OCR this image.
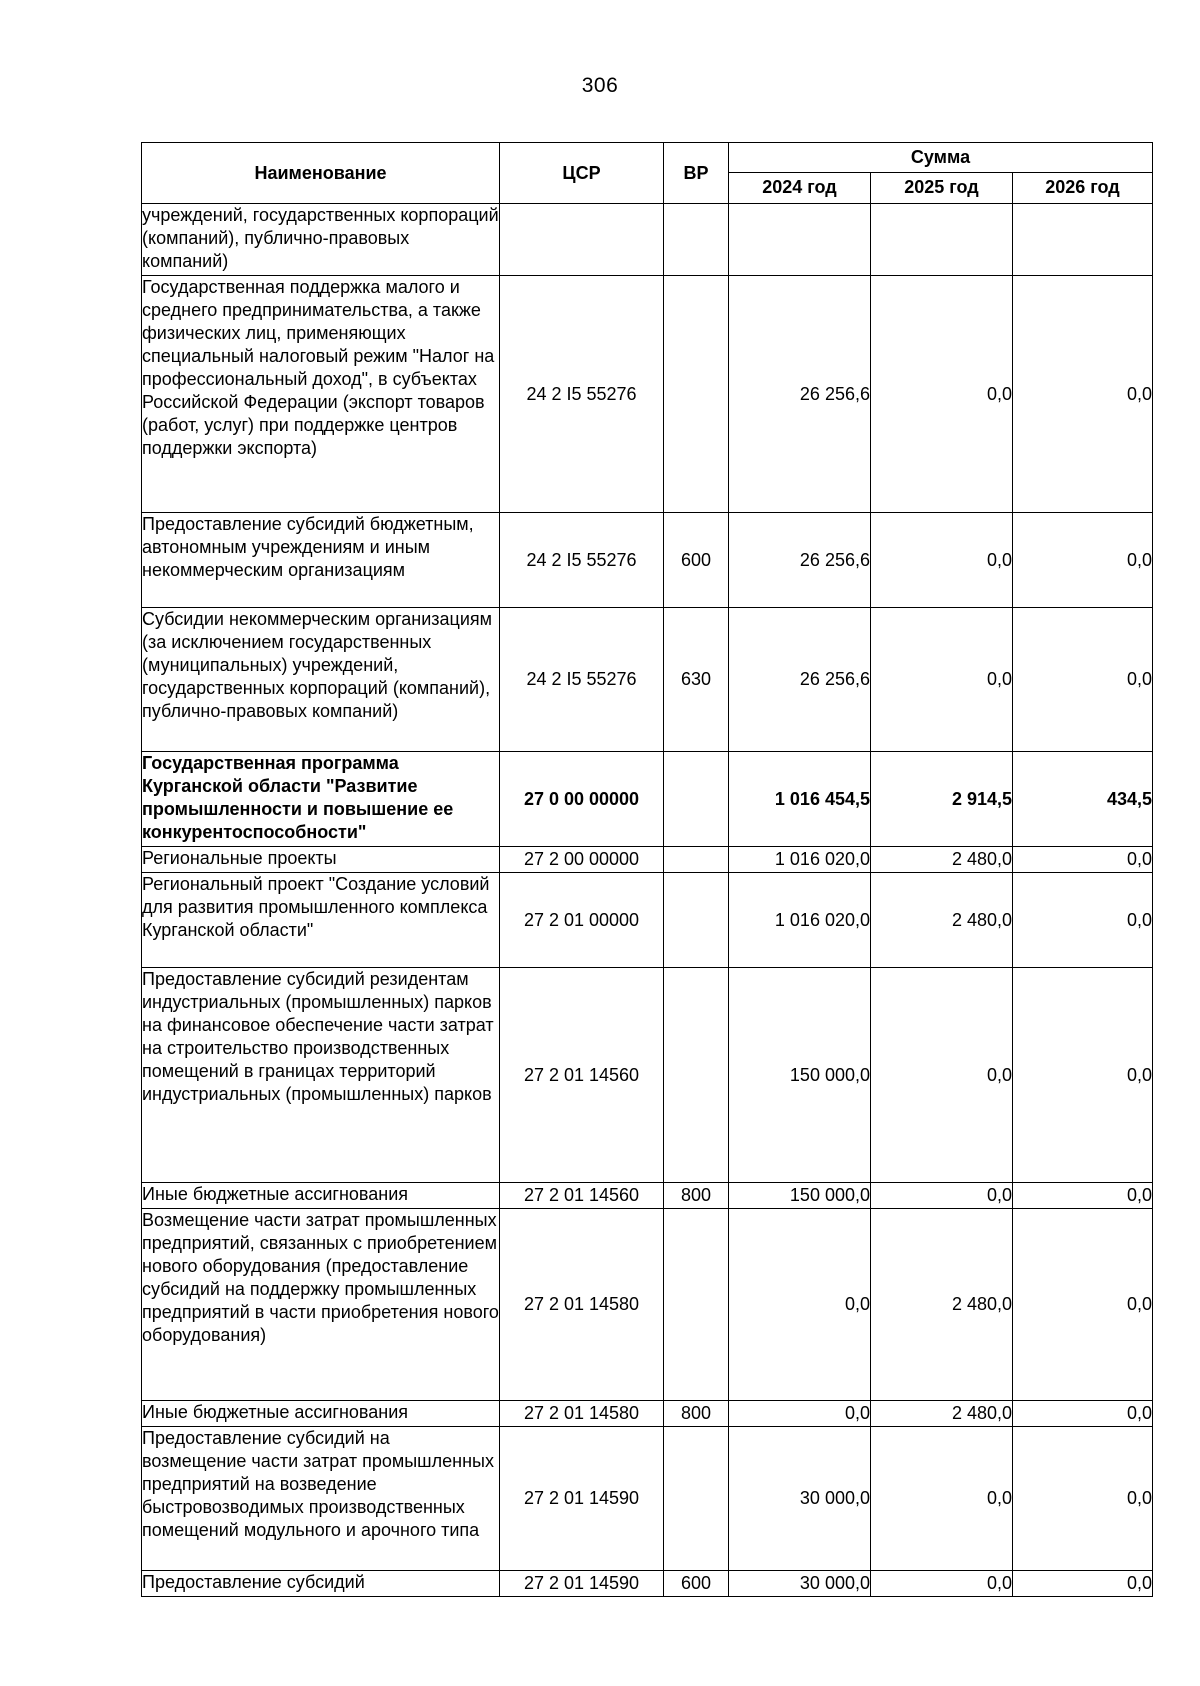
306
Наименование	ЦСР	ВР	Сумма		
			2024 год	2025 год	2026 год
учреждений, государственных корпораций (компаний), публично-правовых компаний)					
Государственная поддержка малого и среднего предпринимательства, а также физических лиц, применяющих специальный налоговый режим "Налог на профессиональный доход", в субъектах Российской Федерации (экспорт товаров (работ, услуг) при поддержке центров поддержки экспорта)	24 2 I5 55276		26 256,6	0,0	0,0
Предоставление субсидий бюджетным, автономным учреждениям и иным некоммерческим организациям	24 2 I5 55276	600	26 256,6	0,0	0,0
Субсидии некоммерческим организациям (за исключением государственных (муниципальных) учреждений, государственных корпораций (компаний), публично-правовых компаний)	24 2 I5 55276	630	26 256,6	0,0	0,0
Государственная программа Курганской области "Развитие промышленности и повышение ее конкурентоспособности"	27 0 00 00000		1 016 454,5	2 914,5	434,5
Региональные проекты	27 2 00 00000		1 016 020,0	2 480,0	0,0
Региональный проект "Создание условий для развития промышленного комплекса Курганской области"	27 2 01 00000		1 016 020,0	2 480,0	0,0
Предоставление субсидий резидентам индустриальных (промышленных) парков на финансовое обеспечение части затрат на строительство производственных помещений в границах территорий индустриальных (промышленных) парков	27 2 01 14560		150 000,0	0,0	0,0
Иные бюджетные ассигнования	27 2 01 14560	800	150 000,0	0,0	0,0
Возмещение части затрат промышленных предприятий, связанных с приобретением нового оборудования (предоставление субсидий на поддержку промышленных предприятий в части приобретения нового оборудования)	27 2 01 14580		0,0	2 480,0	0,0
Иные бюджетные ассигнования	27 2 01 14580	800	0,0	2 480,0	0,0
Предоставление субсидий на возмещение части затрат промышленных предприятий на возведение быстровозводимых производственных помещений модульного и арочного типа	27 2 01 14590		30 000,0	0,0	0,0
Предоставление субсидий	27 2 01 14590	600	30 000,0	0,0	0,0
